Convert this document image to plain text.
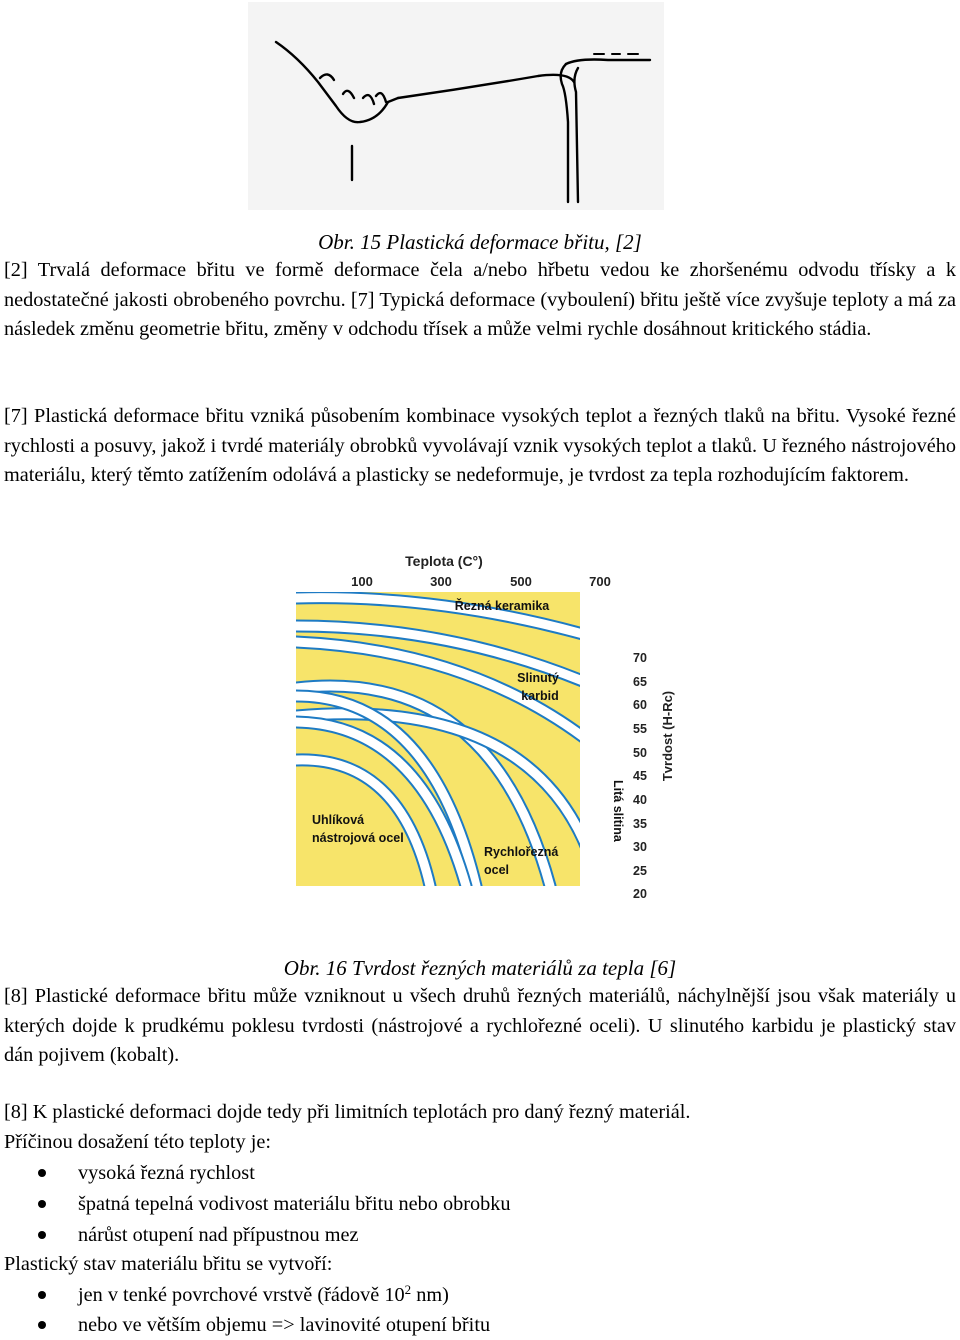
Obr. 15 Plastická deformace břitu, [2]
[2] Trvalá deformace břitu ve formě deformace čela a/nebo hřbetu vedou ke zhoršenému odvodu třísky a k nedostatečné jakosti obrobeného povrchu. [7] Typická deformace (vyboulení) břitu ještě více zvyšuje teploty a má za následek změnu geometrie břitu, změny v odchodu třísek a může velmi rychle dosáhnout kritického stádia.
[7] Plastická deformace břitu vzniká působením kombinace vysokých teplot a řezných tlaků na břitu. Vysoké řezné rychlosti a posuvy, jakož i tvrdé materiály obrobků vyvolávají vznik vysokých teplot a tlaků. U řezného nástrojového materiálu, který těmto zatížením odolává a plasticky se nedeformuje, je tvrdost za tepla rozhodujícím faktorem.
Teplota (C°)
100	300	500	700
Řezná keramika
Slinutý
karbid
Uhlíková
nástrojová ocel
Rychlořezná
ocel
Litá slitina
70
65
60
55
50
45
40
35
30
25
20
Tvrdost (H-Rc)
Obr. 16 Tvrdost řezných materiálů za tepla [6]
[8] Plastické deformace břitu může vzniknout u všech druhů řezných materiálů, náchylnější jsou však materiály u kterých dojde k prudkému poklesu tvrdosti (nástrojové a rychlořezné oceli). U slinutého karbidu je plastický stav dán pojivem (kobalt).
[8] K plastické deformaci dojde tedy při limitních teplotách pro daný řezný materiál.
Příčinou dosažení této teploty je:
vysoká řezná rychlost
špatná tepelná vodivost materiálu břitu nebo obrobku
nárůst otupení nad přípustnou mez
Plastický stav materiálu břitu se vytvoří:
jen v tenké povrchové vrstvě (řádově $10^2$ nm)
nebo ve větším objemu => lavinovité otupení břitu
